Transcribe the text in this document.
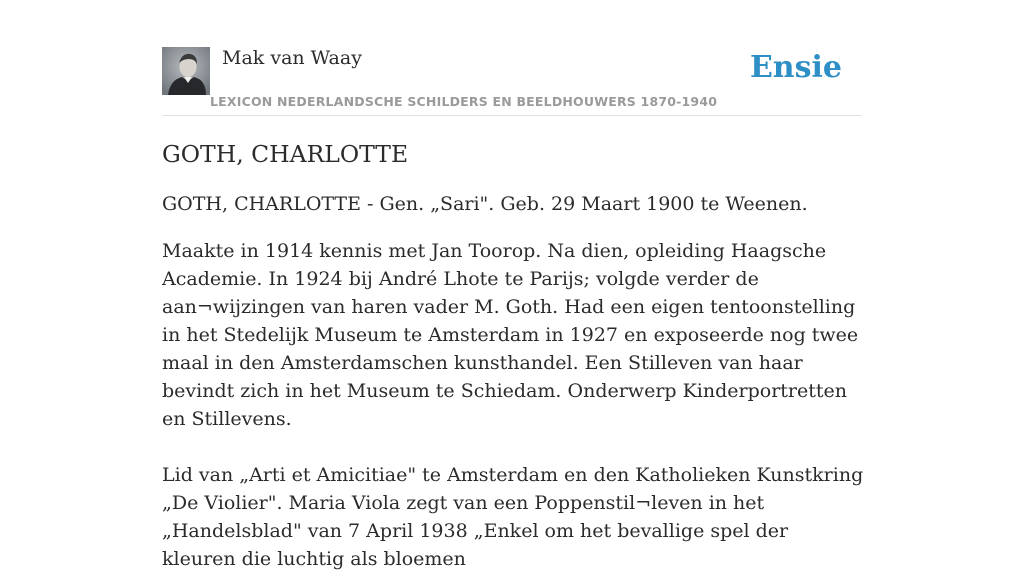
Mak van Waay
LEXICON NEDERLANDSCHE SCHILDERS EN BEELDHOUWERS 1870-1940
Ensie
GOTH, CHARLOTTE

GOTH, CHARLOTTE - Gen. „Sari". Geb. 29 Maart 1900 te Weenen.

Maakte in 1914 kennis met Jan Toorop. Na dien, opleiding Haagsche Academie. In 1924 bij André Lhote te Parijs; volgde verder de aan¬wijzingen van haren vader M. Goth. Had een eigen tentoonstelling in het Stedelijk Museum te Amsterdam in 1927 en exposeerde nog twee maal in den Amsterdamschen kunsthandel. Een Stilleven van haar bevindt zich in het Museum te Schiedam. Onderwerp Kinderportretten en Stillevens.

Lid van „Arti et Amicitiae" te Amsterdam en den Katholieken Kunstkring „De Violier". Maria Viola zegt van een Poppenstil¬leven in het „Handelsblad" van 7 April 1938 „Enkel om het bevallige spel der kleuren die luchtig als bloemen
